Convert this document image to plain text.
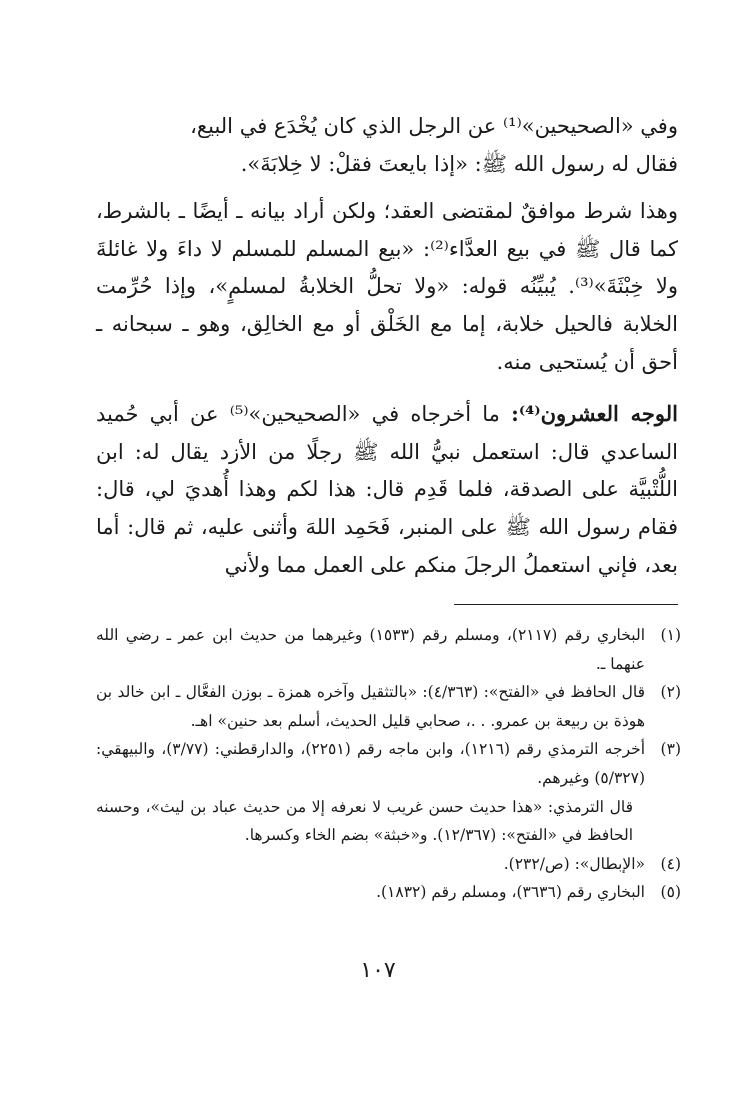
وفي «الصحيحين»⁽¹⁾ عن الرجل الذي كان يُخْدَع في البيع،

فقال له رسول الله ﷺ: «إذا بايعتَ فقلْ: لا خِلابَةَ».

وهذا شرط موافقٌ لمقتضى العقد؛ ولكن أراد بيانه ـ أيضًا ـ بالشرط، كما قال ﷺ في بيع العدَّاء⁽²⁾: «بيع المسلم للمسلم لا داءَ ولا غائلةَ ولا خِبْثَةَ»⁽³⁾. يُبيِّنُه قوله: «ولا تحلُّ الخلابةُ لمسلمٍ»، وإذا حُرِّمت الخلابة فالحيل خلابة، إما مع الخَلْق أو مع الخالِق، وهو ـ سبحانه ـ أحق أن يُستحيى منه.

الوجه العشرون⁽⁴⁾: ما أخرجاه في «الصحيحين»⁽⁵⁾ عن أبي حُميد الساعدي قال: استعمل نبيُّ الله ﷺ رجلًا من الأزد يقال له: ابن اللُّتْبيَّة على الصدقة، فلما قَدِم قال: هذا لكم وهذا أُهديَ لي، قال: فقام رسول الله ﷺ على المنبر، فَحَمِد اللهَ وأثنى عليه، ثم قال: أما بعد، فإني استعملُ الرجلَ منكم على العمل مما ولأني

(١)
البخاري رقم (٢١١٧)، ومسلم رقم (١٥٣٣) وغيرهما من حديث ابن عمر ـ رضي الله عنهما ـ.
(٢)
قال الحافظ في «الفتح»: (٤/٣٦٣): «بالتثقيل وآخره همزة ـ بوزن الفعَّال ـ ابن خالد بن هوذة بن ربيعة بن عمرو. . .، صحابي قليل الحديث، أسلم بعد حنين» اهـ.
(٣)
أخرجه الترمذي رقم (١٢١٦)، وابن ماجه رقم (٢٢٥١)، والدارقطني: (٣/٧٧)، والبيهقي: (٥/٣٢٧) وغيرهم.
قال الترمذي: «هذا حديث حسن غريب لا نعرفه إلا من حديث عباد بن ليث»، وحسنه الحافظ في «الفتح»: (١٢/٣٦٧). و«خبثة» بضم الخاء وكسرها.
(٤)
«الإبطال»: (ص/٢٣٢).
(٥)
البخاري رقم (٣٦٣٦)، ومسلم رقم (١٨٣٢).
١٠٧
